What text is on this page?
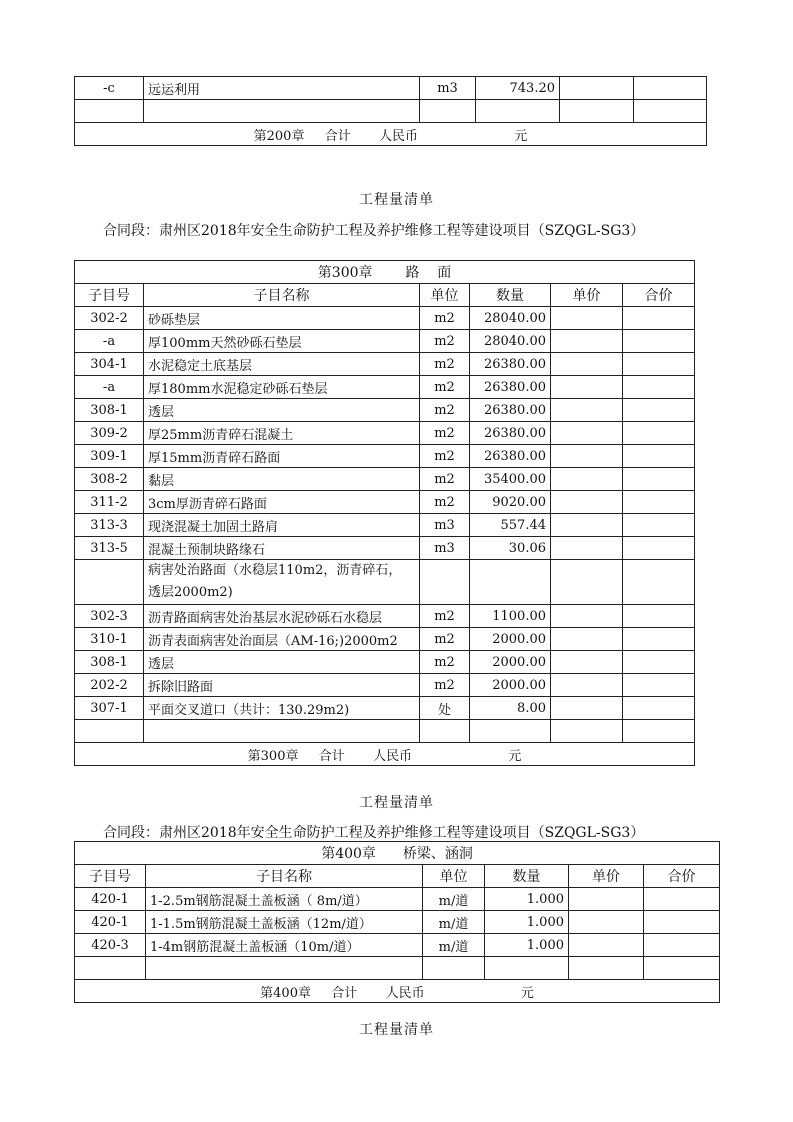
-c	远运利用	m3	743.20		

第200章 合计 人民币 元					
工程量清单
合同段：肃州区2018年安全生命防护工程及养护维修工程等建设项目（SZQGL-SG3）
第300章 路    面					
子目号	子目名称	单位	数量	单价	合价
302-2	砂砾垫层	m2	28040.00		
-a	厚100mm天然砂砾石垫层	m2	28040.00		
304-1	水泥稳定土底基层	m2	26380.00		
-a	厚180mm水泥稳定砂砾石垫层	m2	26380.00		
308-1	透层	m2	26380.00		
309-2	厚25mm沥青碎石混凝土	m2	26380.00		
309-1	厚15mm沥青碎石路面	m2	26380.00		
308-2	黏层	m2	35400.00		
311-2	3cm厚沥青碎石路面	m2	9020.00		
313-3	现浇混凝土加固土路肩	m3	557.44		
313-5	混凝土预制块路缘石	m3	30.06		

	病害处治路面（水稳层110m2，沥青碎石，
透层2000m2)				

302-3	沥青路面病害处治基层水泥砂砾石水稳层	m2	1100.00		
310-1	沥青表面病害处治面层（AM-16;)2000m2	m2	2000.00		
308-1	透层	m2	2000.00		
202-2	拆除旧路面	m2	2000.00		
307-1	平面交叉道口（共计：130.29m2)	处	8.00		

第300章 合计 人民币 元					
工程量清单
合同段：肃州区2018年安全生命防护工程及养护维修工程等建设项目（SZQGL-SG3）
第400章 桥梁、涵洞					
子目号	子目名称	单位	数量	单价	合价
420-1	1-2.5m钢筋混凝土盖板涵（ 8m/道）	m/道	1.000		
420-1	1-1.5m钢筋混凝土盖板涵（12m/道）	m/道	1.000		
420-3	1-4m钢筋混凝土盖板涵（10m/道）	m/道	1.000		

第400章 合计 人民币 元					
工程量清单
